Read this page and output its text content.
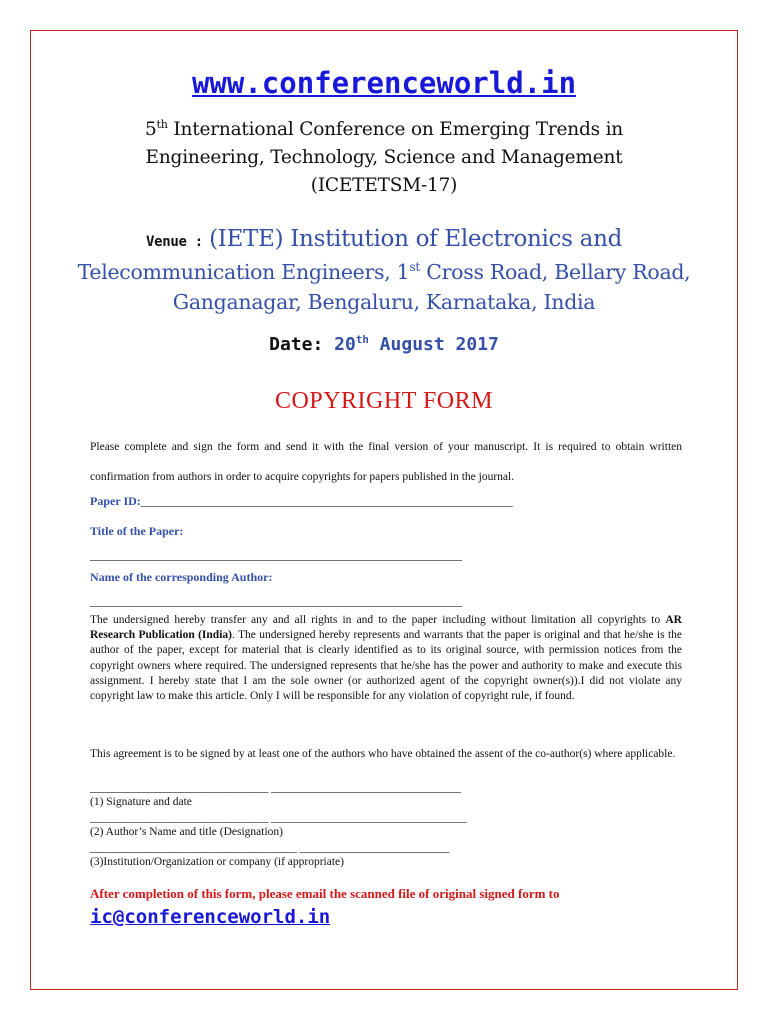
www.conferenceworld.in
5th International Conference on Emerging Trends in
Engineering, Technology, Science and Management
(ICETETSM-17)
Venue : (IETE) Institution of Electronics and
Telecommunication Engineers, 1st Cross Road, Bellary Road,
Ganganagar, Bengaluru, Karnataka, India
Date: 20th August 2017
COPYRIGHT FORM

Please complete and sign the form and send it with the final version of your manuscript. It is required to obtain written confirmation from authors in order to acquire copyrights for papers published in the journal.

Paper ID:______________________________________________________________
Title of the Paper:
______________________________________________________________
Name of the corresponding Author:
______________________________________________________________

The undersigned hereby transfer any and all rights in and to the paper including without limitation all copyrights to AR Research Publication (India). The undersigned hereby represents and warrants that the paper is original and that he/she is the author of the paper, except for material that is clearly identified as to its original source, with permission notices from the copyright owners where required. The undersigned represents that he/she has the power and authority to make and execute this assignment. I hereby state that I am the sole owner (or authorized agent of the copyright owner(s)).I did not violate any copyright law to make this article. Only I will be responsible for any violation of copyright rule, if found.

This agreement is to be signed by at least one of the authors who have obtained the assent of the co-author(s) where applicable.

_______________________________ _________________________________
(1) Signature and date
_______________________________ __________________________________
(2) Author’s Name and title (Designation)
____________________________________ __________________________
(3)Institution/Organization or company (if appropriate)
After completion of this form, please email the scanned file of original signed form to
ic@conferenceworld.in
